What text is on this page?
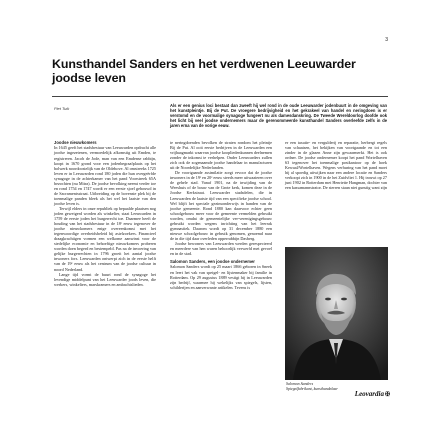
3
Kunsthandel Sanders en het verdwenen Leeuwarder joodse leven
Piet Tuik
Als er een genius loci bestaat dan zweeft hij wel rond in de oude Leeuwarder jodenbuurt in de omgeving van het kunstpleintje. Bij de Put. De vroegere bedrijvigheid en het gekrakeel van handel en neringdoen is er verstomd en de voormalige synagoge fungeert nu als damesdanskring. De Tweede Wereldoorlog doofde ook het licht bij veel joodse ondernemers maar de gerenommeerde kunsthandel Sanders overleefde zelfs in de jaren erna van de vorige eeuw.
Joodse nieuwkomers

In 1645 geeft het stadsbestuur van Leeuwarden opdracht alle joodse ingezetenen, vermoedelijk afkomstig uit Emden, te registreren. Jacob de Jode, man van een Emdense rabbijn, koopt in 1670 grond voor een jodenbegraafplaats op het bolwerk noordoostelijk van de Oldehove. Al omstreeks 1725 leven er in Leeuwarden rond 180 joden die hun overgeërfde synagoge in de achterkamer van het pand Voorstreek 65A bezochten (nu Mitra). De joodse bevolking neemt verder toe en rond 1754 en 1747 wordt er een eerste sjoel gebouwd in de Sacramentsstraat. Uitbreiding op de bovenste plek bij de toenmalige panden bleek als het wel het laatste van den joodse leven is.

Terwijl elders in onze republiek op bepaalde plaatsen nog joden geweigerd worden als winkelier, staat Leeuwarden in 1759 de eerste joden het burgerrecht toe. Daarmee heeft de houding van het stadsbestuur in de 18ᵉ eeuw tegenover de joodse nieuwkomers enige overeenkomst met het tegenwoordige overheidsbeleid bij asielzoekers. Financieel draagkrachtigen vormen een welkome aanwinst voor de stedelijke economie en behoeftige nieuwkomers proberen worden doen begerd en bestempeld. Pas na de invoering van gelijke burgerrechten in 1796 groeit het aantal joodse inwoners fors. Leeuwarden ontwerpt zich in de eerste helft van de 19ᵉ eeuw als het centrum van de joodse cultuur in noord Nederland.

Lange tijd vormt de buurt rond de synagoge het levendige middelpunt van het Leeuwarder joods leven, die werkers, winkeliers, marskramers en ambachtslieden.

te neringdoenden bevolken de straten rondom het pleintje Bij de Put. Al ooit eerste bedrijven in de Leeuwarden een vrijhaagmarkt waarvan joodse koopliedenkunnen deelnemen zonder de inkomst te verhelpen. Onder Leeuwarders zullen zich ook de zogenaamde joodse handelaar in manufacturen uit de Noordelijke Nederlanden.

De voortgaande assimilatie zorgt ervoor dat de joodse inwoners in de 19ᵉ en 20ᵉ eeuw steeds meer uitwaaieren over de gehele stad. Vanaf 1901, na de inwijding van de Weeshuis of de bouw van de Grote kerk, komen deze in de Joodse Kerkstraat. Leeuwarder stadsdelen, die in Leeuwarden de laatste tijd van een specifieke joodse school. Wel blijft het speciale gezinsonderwijs in handen van de joodse gemeente. Rond 1880 kan daarvoor echter geen schoolgebouw meer voor de gemeente vermelden gebruikt worden, omdat de gemeentelijke ver-verenigingsgebouw gebruikt worden wegens inrichting van het leerrak gymnastiek. Daarom wordt op 31 december 1880 een nieuwe schoolgebouw in gebruik genomen, genoemd naar de in die tijd daar overleden opperrabbijn Dasberg.

Joodse bewoners van Leeuwarden werden gerespecteerd en meerdere van hen waren behoorlijk verwerfd met gevoel en in de stad.

Salomon Sanders, een joodse ondernemer

Salomon Sanders wordt op 25 maart 1866 geboren in Sneek en leert het vak van speigel- en lijstenmaker bij familie in Rotterdam. Op 29 augustus 1889 vestigt hij in Leeuwarden zijn bedrijf, waarmee hij wekelijks van spiegels, lijsten, schilderijen en aanverwante artikelen. Tevens is

er een taxatie- en vergulderij en reparatie, herbergt regels van schaatsen, het bekijken van voortgaande en tot een zinder in de glazen Anne zijn gewaarmerkt. Het is ook ordner. De joodse ondernemer koopt het pand Wortelhaven 63 tegenover het toenmalige postkantoor op de hoek Kewaal/Wortelhaven. Wegens verhuring van het pand moet hij al spoedig uitwijken naar een andere locatie en Sanders verkoopt zich in 1900 in de het Zuidvliet 1. Hij trouwt op 27 juni 1902 in Rotterdam met Henriette Hangman, dochter van een kassamannstrator. De sterren staan niet gunstig want zijn

Salomon Sanders
Spiegelfabrikant, kunsthandelaar
Leovardia✠
